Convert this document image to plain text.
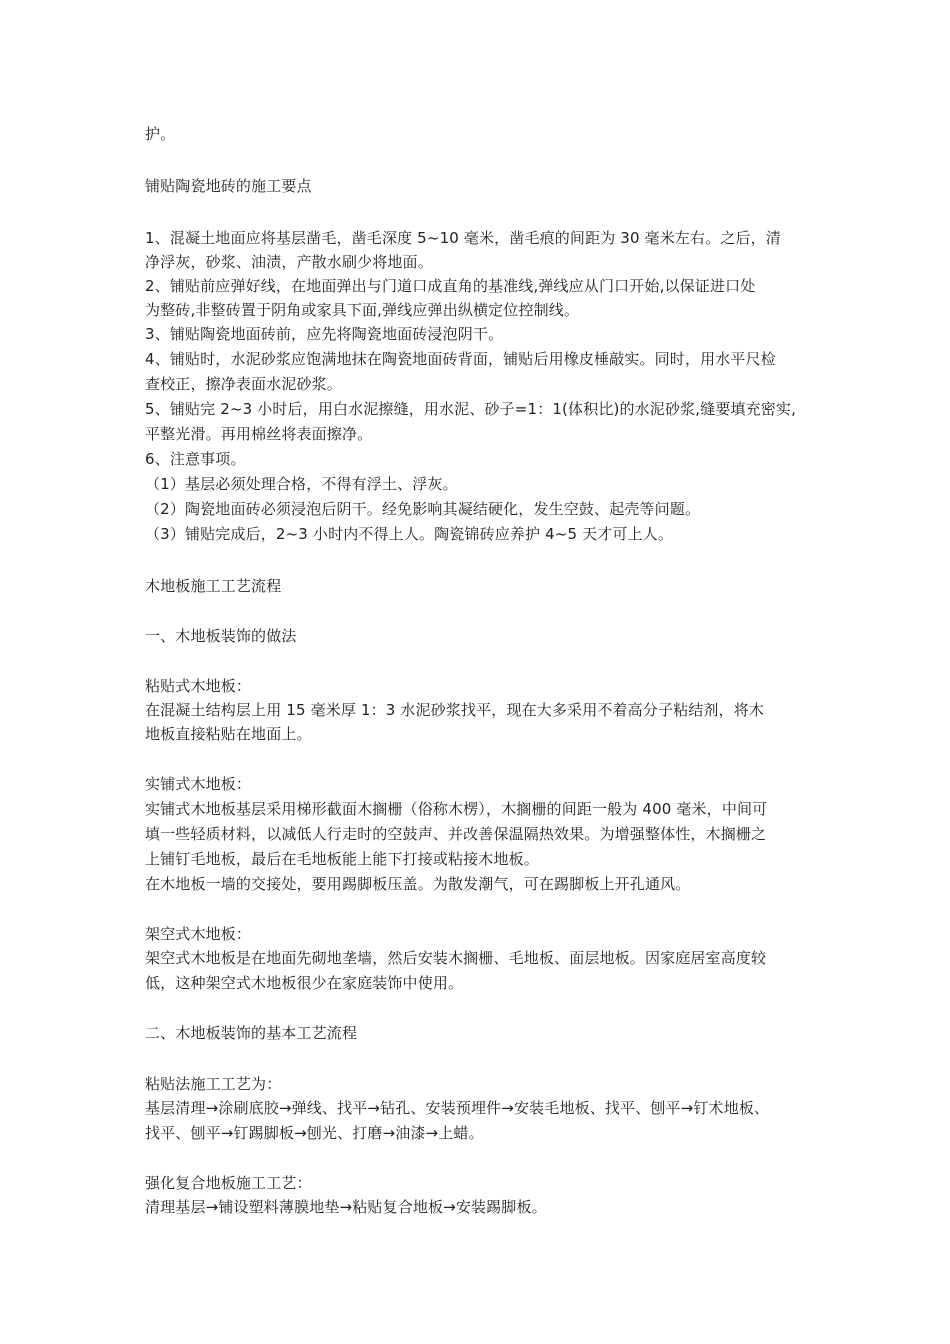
护。
铺贴陶瓷地砖的施工要点
1、混凝土地面应将基层凿毛，凿毛深度 5~10 毫米，凿毛痕的间距为 30 毫米左右。之后，清
净浮灰，砂浆、油渍，产散水刷少将地面。
2、铺贴前应弹好线，在地面弹出与门道口成直角的基准线,弹线应从门口开始,以保证进口处
为整砖,非整砖置于阴角或家具下面,弹线应弹出纵横定位控制线。
3、铺贴陶瓷地面砖前，应先将陶瓷地面砖浸泡阴干。
4、铺贴时，水泥砂浆应饱满地抹在陶瓷地面砖背面，铺贴后用橡皮棰敲实。同时，用水平尺检
查校正，擦净表面水泥砂浆。
5、铺贴完 2~3 小时后，用白水泥擦缝，用水泥、砂子=1：1(体积比)的水泥砂浆,缝要填充密实,
平整光滑。再用棉丝将表面擦净。
6、注意事项。
（1）基层必须处理合格，不得有浮土、浮灰。
（2）陶瓷地面砖必须浸泡后阴干。经免影响其凝结硬化，发生空鼓、起壳等问题。
（3）铺贴完成后，2~3 小时内不得上人。陶瓷锦砖应养护 4~5 天才可上人。
木地板施工工艺流程
一、木地板装饰的做法
粘贴式木地板：
在混凝土结构层上用 15 毫米厚 1：3 水泥砂浆找平，现在大多采用不着高分子粘结剂，将木
地板直接粘贴在地面上。
实铺式木地板：
实铺式木地板基层采用梯形截面木搁栅（俗称木楞），木搁栅的间距一般为 400 毫米，中间可
填一些轻质材料，以减低人行走时的空鼓声、并改善保温隔热效果。为增强整体性，木搁栅之
上铺钉毛地板，最后在毛地板能上能下打接或粘接木地板。
在木地板一墙的交接处，要用踢脚板压盖。为散发潮气，可在踢脚板上开孔通风。
架空式木地板：
架空式木地板是在地面先砌地垄墙，然后安装木搁栅、毛地板、面层地板。因家庭居室高度较
低，这种架空式木地板很少在家庭装饰中使用。
二、木地板装饰的基本工艺流程
粘贴法施工工艺为：
基层清理→涂刷底胶→弹线、找平→钻孔、安装预埋件→安装毛地板、找平、刨平→钉术地板、
找平、刨平→钉踢脚板→刨光、打磨→油漆→上蜡。
强化复合地板施工工艺：
清理基层→铺设塑料薄膜地垫→粘贴复合地板→安装踢脚板。
